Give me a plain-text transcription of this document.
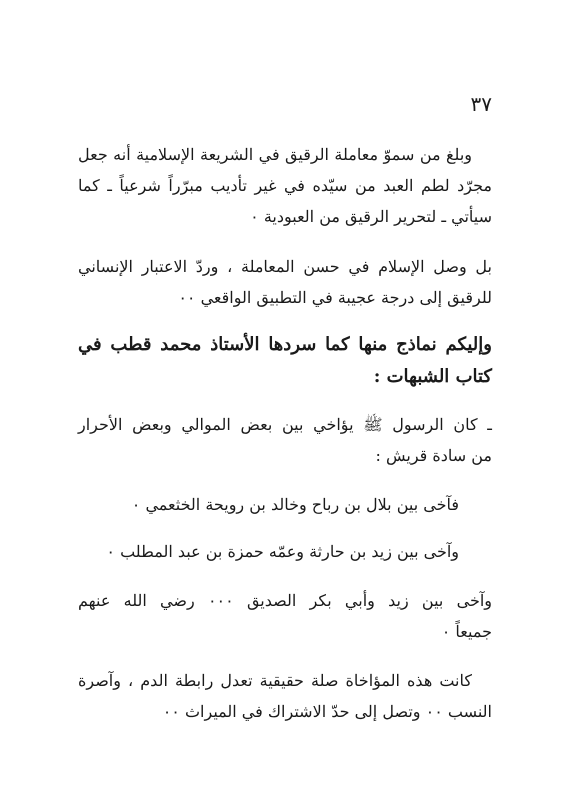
٣٧
وبلغ من سموّ معاملة الرقيق في الشريعة الإسلامية أنه جعل
مجرّد لطم العبد من سيّده في غير تأديب مبرّراً شرعياً ـ كما
سيأتي ـ لتحرير الرقيق من العبودية ٠
بل وصل الإسلام في حسن المعاملة ، وردّ الاعتبار الإنساني
للرقيق إلى درجة عجيبة في التطبيق الواقعي ٠٠
وإليكم نماذج منها كما سردها الأستاذ محمد قطب في
كتاب الشبهات :
ـ كان الرسول ﷺ يؤاخي بين بعض الموالي وبعض الأحرار
من سادة قريش :
فآخى بين بلال بن رباح وخالد بن رويحة الخثعمي ٠
وآخى بين زيد بن حارثة وعمّه حمزة بن عبد المطلب ٠
وآخى بين زيد وأبي بكر الصديق ٠٠٠ رضي الله عنهم
جميعاً ٠
كانت هذه المؤاخاة صلة حقيقية تعدل رابطة الدم ، وآصرة
النسب ٠٠ وتصل إلى حدّ الاشتراك في الميراث ٠٠
